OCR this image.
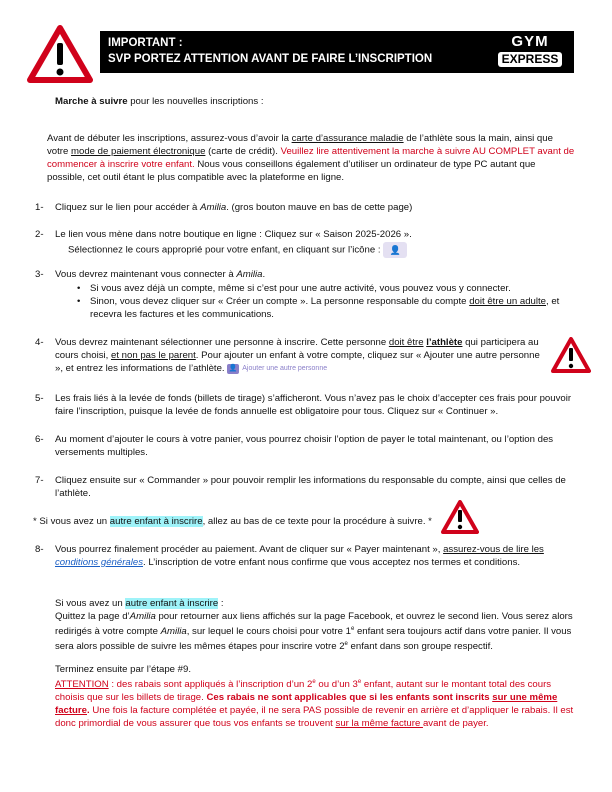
IMPORTANT :
SVP PORTEZ ATTENTION AVANT DE FAIRE L’INSCRIPTION
GYM
EXPRESS

Marche à suivre pour les nouvelles inscriptions :

Avant de débuter les inscriptions, assurez-vous d’avoir la carte d’assurance maladie de l’athlète sous la main, ainsi que votre mode de paiement électronique (carte de crédit). Veuillez lire attentivement la marche à suivre AU COMPLET avant de commencer à inscrire votre enfant. Nous vous conseillons également d’utiliser un ordinateur de type PC autant que possible, cet outil étant le plus compatible avec la plateforme en ligne.

1- Cliquez sur le lien pour accéder à Amilia. (gros bouton mauve en bas de cette page)

2- Le lien vous mène dans notre boutique en ligne : Cliquez sur « Saison 2025-2026 ».

Sélectionnez le cours approprié pour votre enfant, en cliquant sur l’icône : 👤

3- Vous devrez maintenant vous connecter à Amilia.

• Si vous avez déjà un compte, même si c’est pour une autre activité, vous pouvez vous y connecter.
• Sinon, vous devez cliquer sur « Créer un compte ». La personne responsable du compte doit être un adulte, et recevra les factures et les communications.
4- Vous devrez maintenant sélectionner une personne à inscrire. Cette personne doit être l’athlète qui participera au cours choisi, et non pas le parent. Pour ajouter un enfant à votre compte, cliquez sur « Ajouter une autre personne », et entrez les informations de l’athlète. 👤 Ajouter une autre personne

5- Les frais liés à la levée de fonds (billets de tirage) s’afficheront. Vous n’avez pas le choix d’accepter ces frais pour pouvoir faire l’inscription, puisque la levée de fonds annuelle est obligatoire pour tous. Cliquez sur « Continuer ».

6- Au moment d’ajouter le cours à votre panier, vous pourrez choisir l’option de payer le total maintenant, ou l’option des versements multiples.

7- Cliquez ensuite sur « Commander » pour pouvoir remplir les informations du responsable du compte, ainsi que celles de l’athlète.

* Si vous avez un autre enfant à inscrire, allez au bas de ce texte pour la procédure à suivre. *

8- Vous pourrez finalement procéder au paiement. Avant de cliquer sur « Payer maintenant », assurez-vous de lire les conditions générales. L’inscription de votre enfant nous confirme que vous acceptez nos termes et conditions.

Si vous avez un autre enfant à inscrire :

Quittez la page d’Amilia pour retourner aux liens affichés sur la page Facebook, et ouvrez le second lien. Vous serez alors redirigés à votre compte Amilia, sur lequel le cours choisi pour votre 1e enfant sera toujours actif dans votre panier. Il vous sera alors possible de suivre les mêmes étapes pour inscrire votre 2e enfant dans son groupe respectif.

Terminez ensuite par l’étape #9.

ATTENTION : des rabais sont appliqués à l’inscription d’un 2e ou d’un 3e enfant, autant sur le montant total des cours choisis que sur les billets de tirage. Ces rabais ne sont applicables que si les enfants sont inscrits sur une même facture. Une fois la facture complétée et payée, il ne sera PAS possible de revenir en arrière et d’appliquer le rabais. Il est donc primordial de vous assurer que tous vos enfants se trouvent sur la même facture avant de payer.
